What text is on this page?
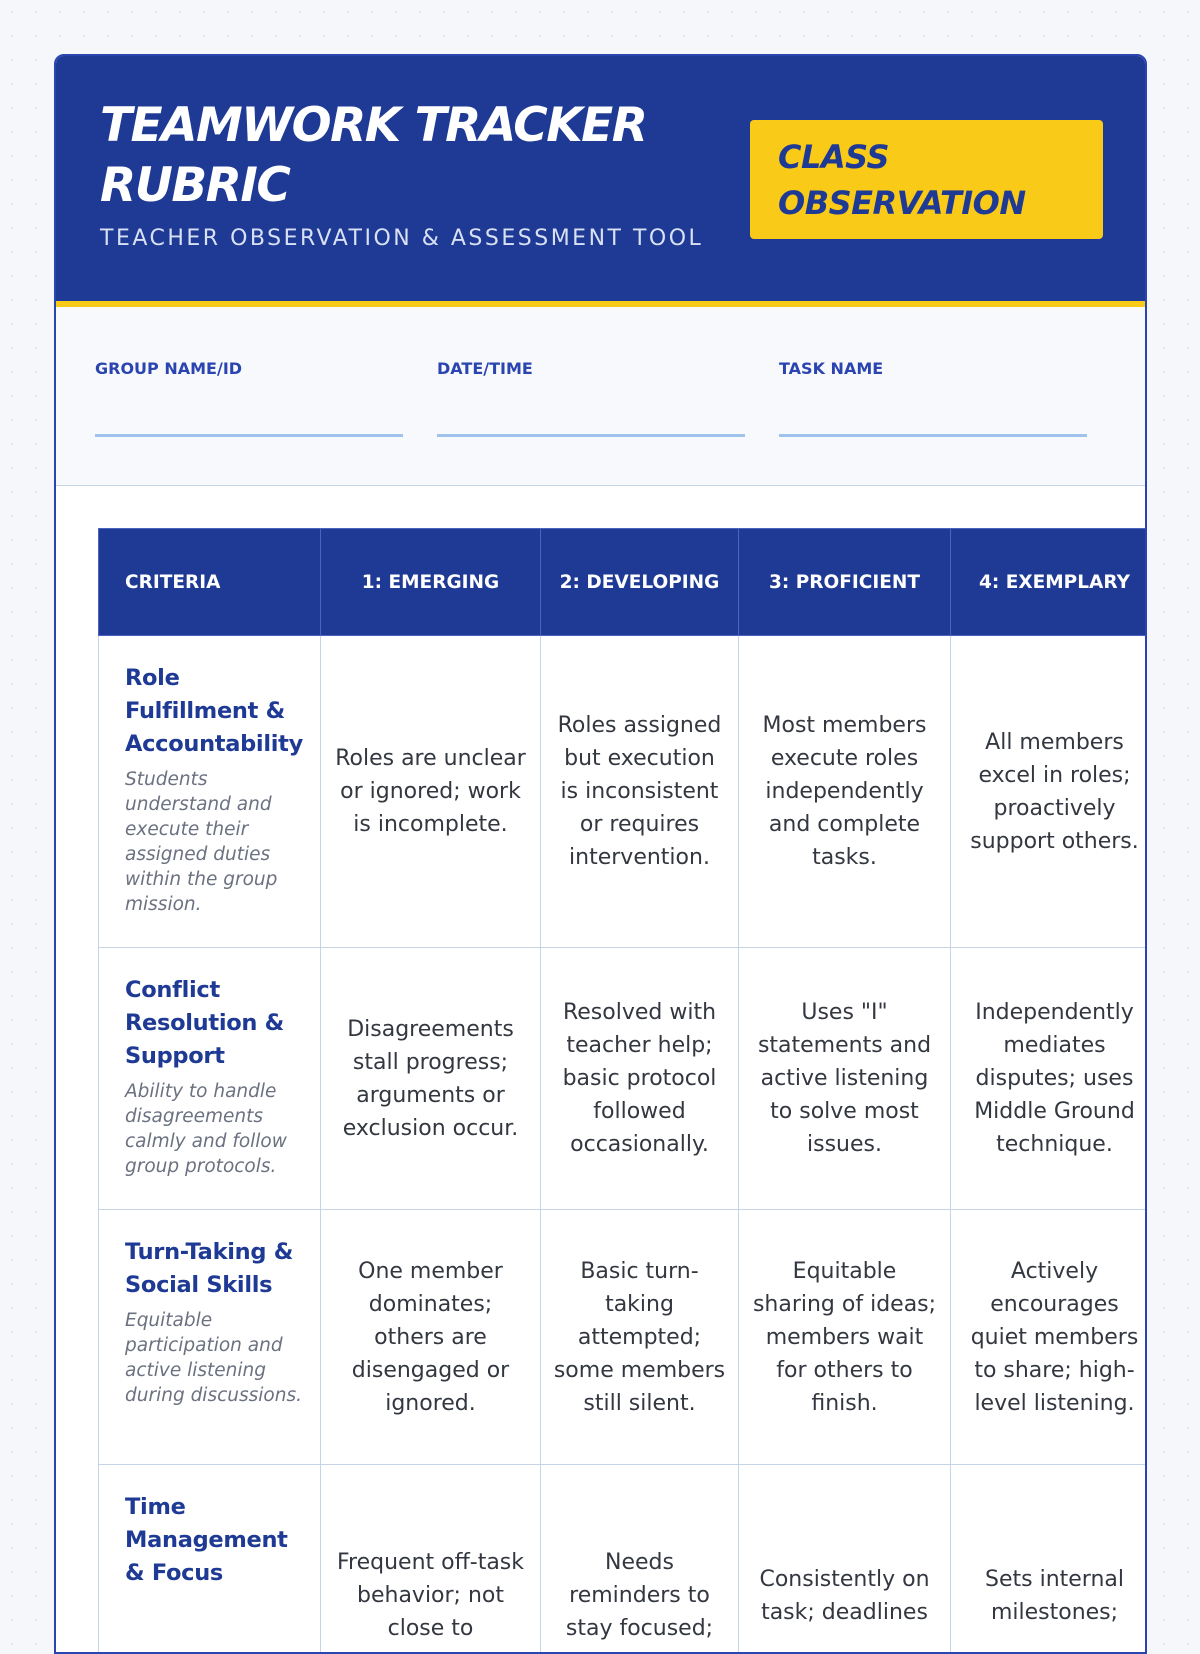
TEAMWORK TRACKER RUBRIC
TEACHER OBSERVATION & ASSESSMENT TOOL
CLASS OBSERVATION
GROUP NAME/ID	DATE/TIME	TASK NAME
CRITERIA	1: EMERGING	2: DEVELOPING	3: PROFICIENT	4: EXEMPLARY

Role Fulfillment & Accountability
Students understand and execute their assigned duties within the group mission.	Roles are unclear or ignored; work is incomplete.	Roles assigned but execution is inconsistent or requires intervention.	Most members execute roles independently and complete tasks.	All members excel in roles; proactively support others.

Conflict Resolution & Support
Ability to handle disagreements calmly and follow group protocols.	Disagreements stall progress; arguments or exclusion occur.	Resolved with teacher help; basic protocol followed occasionally.	Uses "I" statements and active listening to solve most issues.	Independently mediates disputes; uses Middle Ground technique.

Turn-Taking & Social Skills
Equitable participation and active listening during discussions.	One member dominates; others are disengaged or ignored.	Basic turn-taking attempted; some members still silent.	Equitable sharing of ideas; members wait for others to finish.	Actively encourages quiet members to share; high-level listening.

Time Management & Focus	Frequent off-task behavior; not close to	Needs reminders to stay focused;	Consistently on task; deadlines	Sets internal milestones;
